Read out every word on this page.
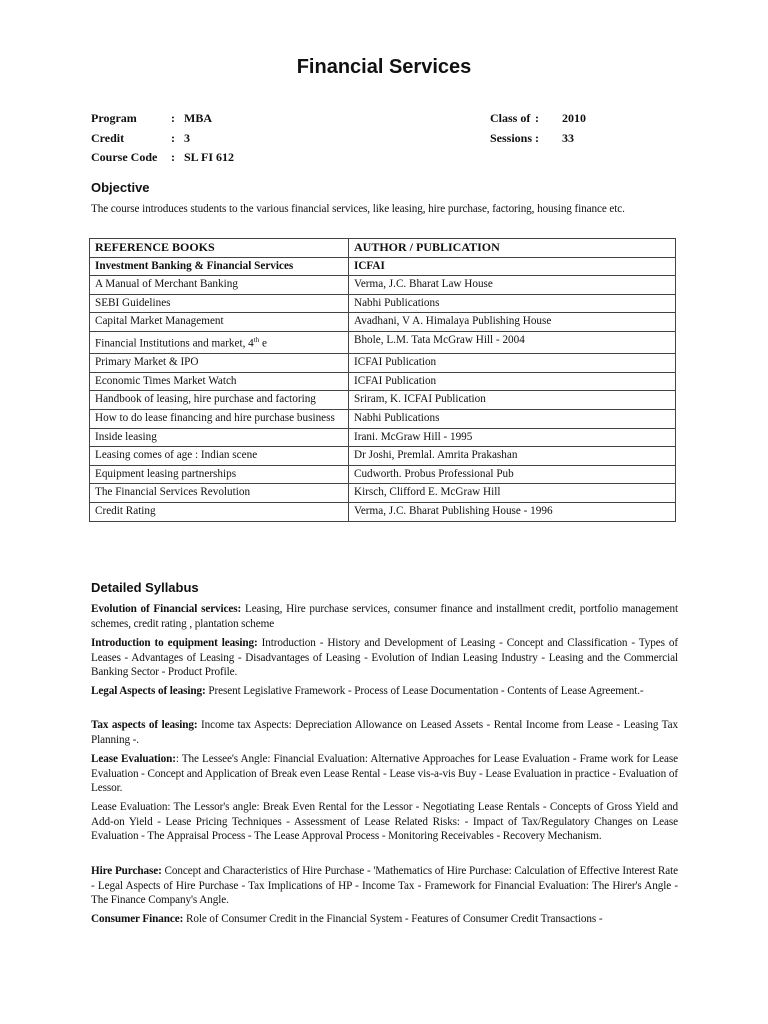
Financial Services
Program	: MBA
Credit	: 3
Course Code : SL FI 612
Class of : 2010
Sessions : 33
Objective
The course introduces students to the various financial services, like leasing, hire purchase, factoring, housing finance etc.
REFERENCE BOOKS	AUTHOR / PUBLICATION
Investment Banking & Financial Services	ICFAI
A Manual of Merchant Banking	Verma, J.C. Bharat Law House
SEBI Guidelines	Nabhi Publications
Capital Market Management	Avadhani, V A. Himalaya Publishing House
Financial Institutions and market, 4th e	Bhole, L.M. Tata McGraw Hill - 2004
Primary Market & IPO	ICFAI Publication
Economic Times Market Watch	ICFAI Publication
Handbook of leasing, hire purchase and factoring	Sriram, K. ICFAI Publication
How to do lease financing and hire purchase business	Nabhi Publications
Inside leasing	Irani. McGraw Hill - 1995
Leasing comes of age : Indian scene	Dr Joshi, Premlal. Amrita Prakashan
Equipment leasing partnerships	Cudworth. Probus Professional Pub
The Financial Services Revolution	Kirsch, Clifford E. McGraw Hill
Credit Rating	Verma, J.C. Bharat Publishing House - 1996
Detailed Syllabus
Evolution of Financial services: Leasing, Hire purchase services, consumer finance and installment credit, portfolio management schemes, credit rating , plantation scheme
Introduction to equipment leasing: Introduction - History and Development of Leasing - Concept and Classification - Types of Leases - Advantages of Leasing - Disadvantages of Leasing - Evolution of Indian Leasing Industry - Leasing and the Commercial Banking Sector - Product Profile.
Legal Aspects of leasing: Present Legislative Framework - Process of Lease Documentation - Contents of Lease Agreement.-
Tax aspects of leasing: Income tax Aspects: Depreciation Allowance on Leased Assets - Rental Income from Lease - Leasing Tax Planning -.
Lease Evaluation:: The Lessee's Angle: Financial Evaluation: Alternative Approaches for Lease Evaluation - Frame work for Lease Evaluation - Concept and Application of Break even Lease Rental - Lease vis-a-vis Buy - Lease Evaluation in practice - Evaluation of Lessor.
Lease Evaluation: The Lessor's angle: Break Even Rental for the Lessor - Negotiating Lease Rentals - Concepts of Gross Yield and Add-on Yield - Lease Pricing Techniques - Assessment of Lease Related Risks: - Impact of Tax/Regulatory Changes on Lease Evaluation - The Appraisal Process - The Lease Approval Process - Monitoring Receivables - Recovery Mechanism.
Hire Purchase: Concept and Characteristics of Hire Purchase - 'Mathematics of Hire Purchase: Calculation of Effective Interest Rate - Legal Aspects of Hire Purchase - Tax Implications of HP - Income Tax - Framework for Financial Evaluation: The Hirer's Angle - The Finance Company's Angle.
Consumer Finance: Role of Consumer Credit in the Financial System - Features of Consumer Credit Transactions -
